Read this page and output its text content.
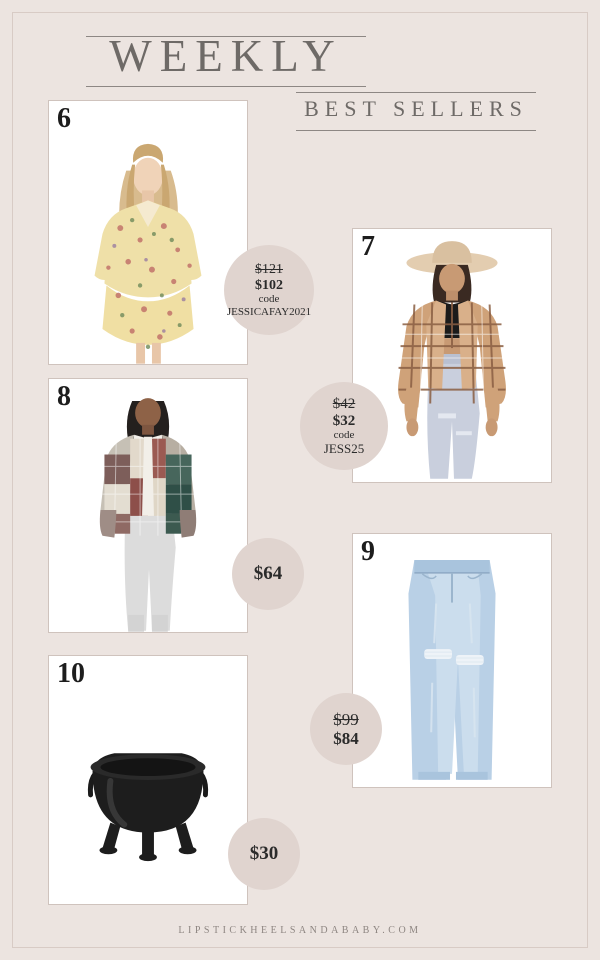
WEEKLY
BEST SELLERS
6
$121
$102
code
JESSICAFAY2021
7
$42
$32
code
JESS25
8
$64
9
$99
$84
10
$30
LIPSTICKHEELSANDABABY.COM
